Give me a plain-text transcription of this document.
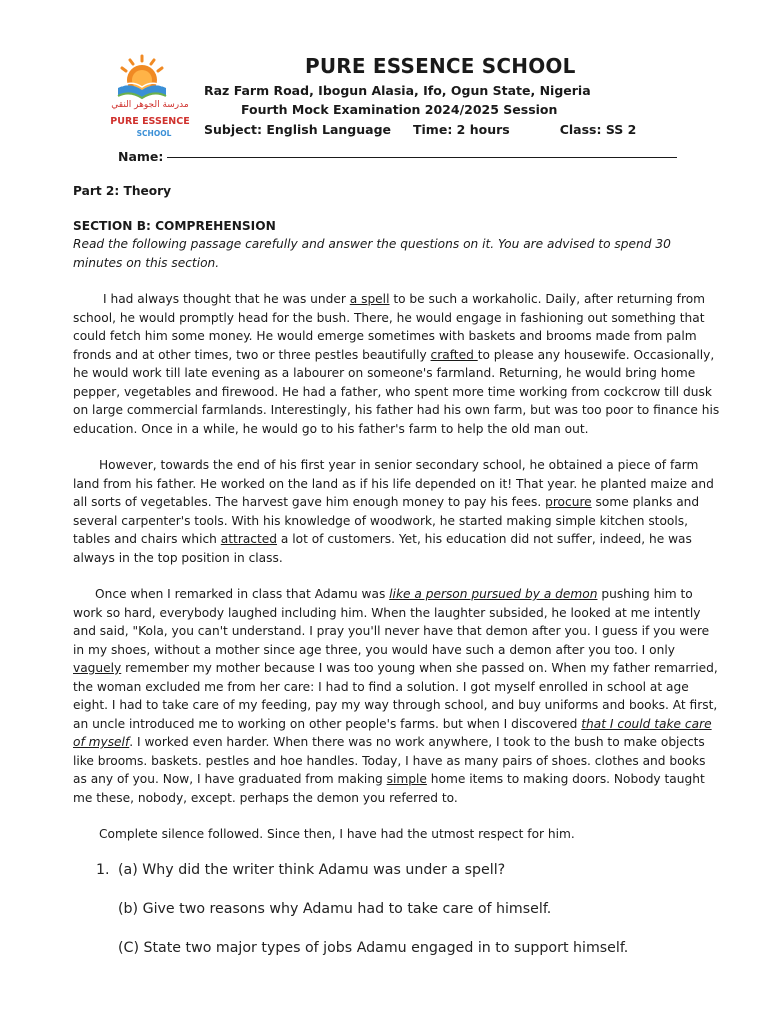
مدرسة الجوهر النقي
PURE ESSENCE
SCHOOL
PURE ESSENCE SCHOOL
Raz Farm Road, Ibogun Alasia, Ifo, Ogun State, Nigeria
Fourth Mock Examination 2024/2025 Session
Subject: English Language Time: 2 hours	Class: SS 2
Name:

Part 2: Theory

SECTION B: COMPREHENSION

Read the following passage carefully and answer the questions on it. You are advised to spend 30 minutes on this section.

I had always thought that he was under a spell to be such a workaholic. Daily, after returning from school, he would promptly head for the bush. There, he would engage in fashioning out something that could fetch him some money. He would emerge sometimes with baskets and brooms made from palm fronds and at other times, two or three pestles beautifully crafted to please any housewife. Occasionally, he would work till late evening as a labourer on someone's farmland. Returning, he would bring home pepper, vegetables and firewood. He had a father, who spent more time working from cockcrow till dusk on large commercial farmlands. Interestingly, his father had his own farm, but was too poor to finance his education. Once in a while, he would go to his father's farm to help the old man out.

However, towards the end of his first year in senior secondary school, he obtained a piece of farm land from his father. He worked on the land as if his life depended on it! That year. he planted maize and all sorts of vegetables. The harvest gave him enough money to pay his fees. procure some planks and several carpenter's tools. With his knowledge of woodwork, he started making simple kitchen stools, tables and chairs which attracted a lot of customers. Yet, his education did not suffer, indeed, he was always in the top position in class.

Once when I remarked in class that Adamu was like a person pursued by a demon pushing him to work so hard, everybody laughed including him. When the laughter subsided, he looked at me intently and said, "Kola, you can't understand. I pray you'll never have that demon after you. I guess if you were in my shoes, without a mother since age three, you would have such a demon after you too. I only vaguely remember my mother because I was too young when she passed on. When my father remarried, the woman excluded me from her care: I had to find a solution. I got myself enrolled in school at age eight. I had to take care of my feeding, pay my way through school, and buy uniforms and books. At first, an uncle introduced me to working on other people's farms. but when I discovered that I could take care of myself. I worked even harder. When there was no work anywhere, I took to the bush to make objects like brooms. baskets. pestles and hoe handles. Today, I have as many pairs of shoes. clothes and books as any of you. Now, I have graduated from making simple home items to making doors. Nobody taught me these, nobody, except. perhaps the demon you referred to.

Complete silence followed. Since then, I have had the utmost respect for him.

1. (a) Why did the writer think Adamu was under a spell?
(b) Give two reasons why Adamu had to take care of himself.
(C) State two major types of jobs Adamu engaged in to support himself.
